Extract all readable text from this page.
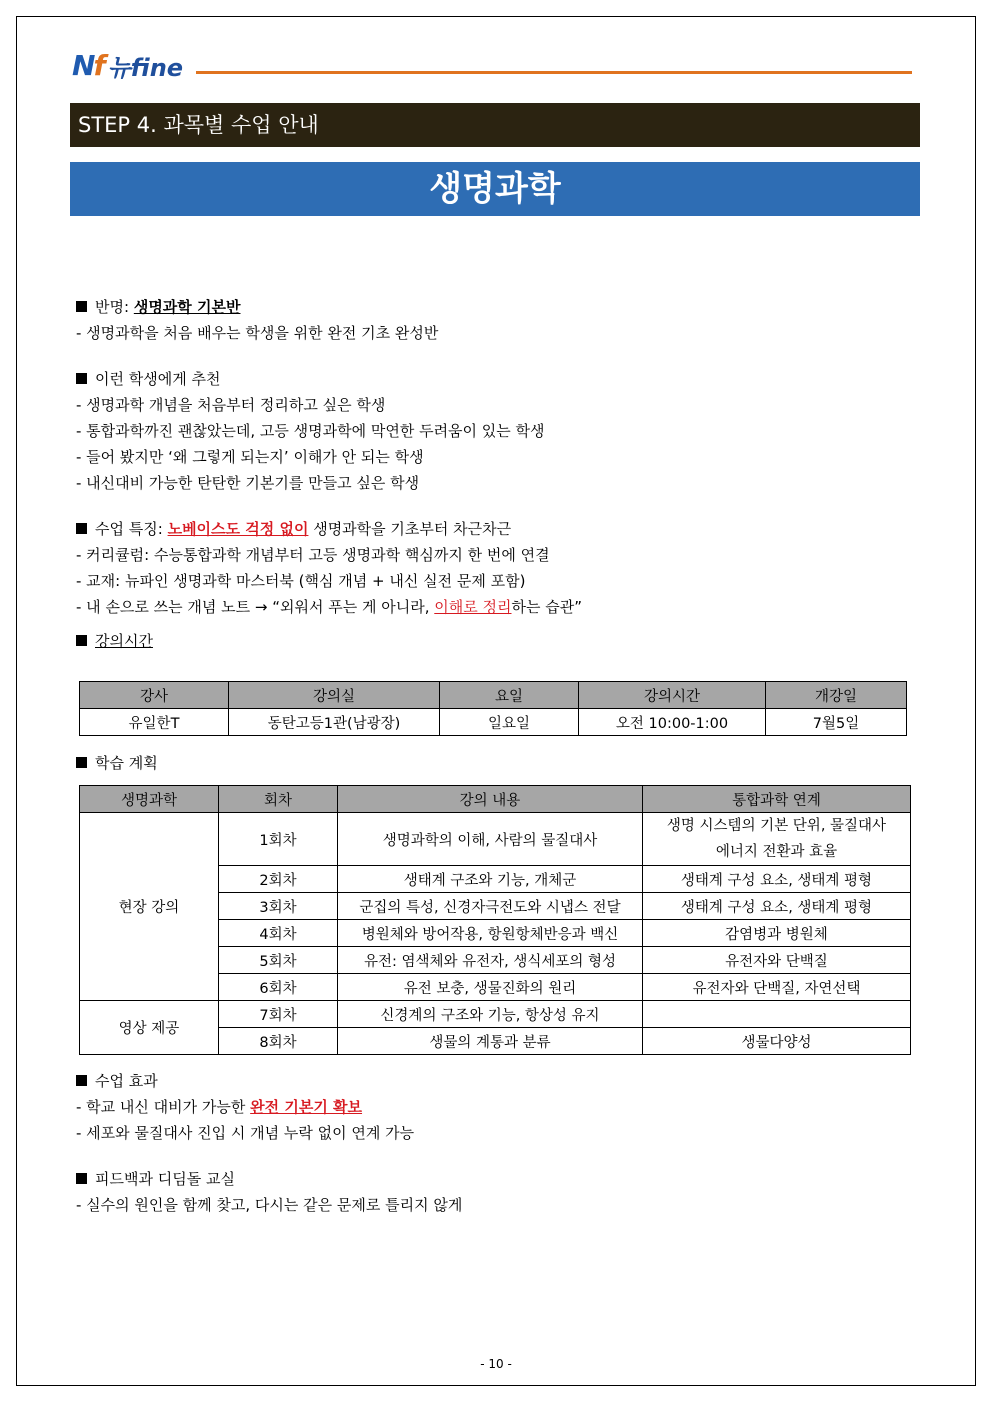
Nf 뉴fine
STEP 4. 과목별 수업 안내
생명과학

반명: 생명과학 기본반

- 생명과학을 처음 배우는 학생을 위한 완전 기초 완성반

이런 학생에게 추천

- 생명과학 개념을 처음부터 정리하고 싶은 학생

- 통합과학까진 괜찮았는데, 고등 생명과학에 막연한 두려움이 있는 학생

- 들어 봤지만 ‘왜 그렇게 되는지’ 이해가 안 되는 학생

- 내신대비 가능한 탄탄한 기본기를 만들고 싶은 학생

수업 특징: 노베이스도 걱정 없이 생명과학을 기초부터 차근차근

- 커리큘럼: 수능통합과학 개념부터 고등 생명과학 핵심까지 한 번에 연결

- 교재: 뉴파인 생명과학 마스터북 (핵심 개념 + 내신 실전 문제 포함)

- 내 손으로 쓰는 개념 노트 → “외워서 푸는 게 아니라, 이해로 정리하는 습관”

강의시간

강사	강의실	요일	강의시간	개강일
유일한T	동탄고등1관(남광장)	일요일	오전 10:00-1:00	7월5일

학습 계획

생명과학	회차	강의 내용	통합과학 연계
현장 강의	1회차	생명과학의 이해, 사람의 물질대사	생명 시스템의 기본 단위, 물질대사
에너지 전환과 효율
	2회차	생태계 구조와 기능, 개체군	생태계 구성 요소, 생태계 평형
	3회차	군집의 특성, 신경자극전도와 시냅스 전달	생태계 구성 요소, 생태계 평형
	4회차	병원체와 방어작용, 항원항체반응과 백신	감염병과 병원체
	5회차	유전: 염색체와 유전자, 생식세포의 형성	유전자와 단백질
	6회차	유전 보충, 생물진화의 원리	유전자와 단백질, 자연선택
영상 제공	7회차	신경계의 구조와 기능, 항상성 유지	
	8회차	생물의 계통과 분류	생물다양성

수업 효과

- 학교 내신 대비가 가능한 완전 기본기 확보

- 세포와 물질대사 진입 시 개념 누락 없이 연계 가능

피드백과 디딤돌 교실

- 실수의 원인을 함께 찾고, 다시는 같은 문제로 틀리지 않게

- 10 -
